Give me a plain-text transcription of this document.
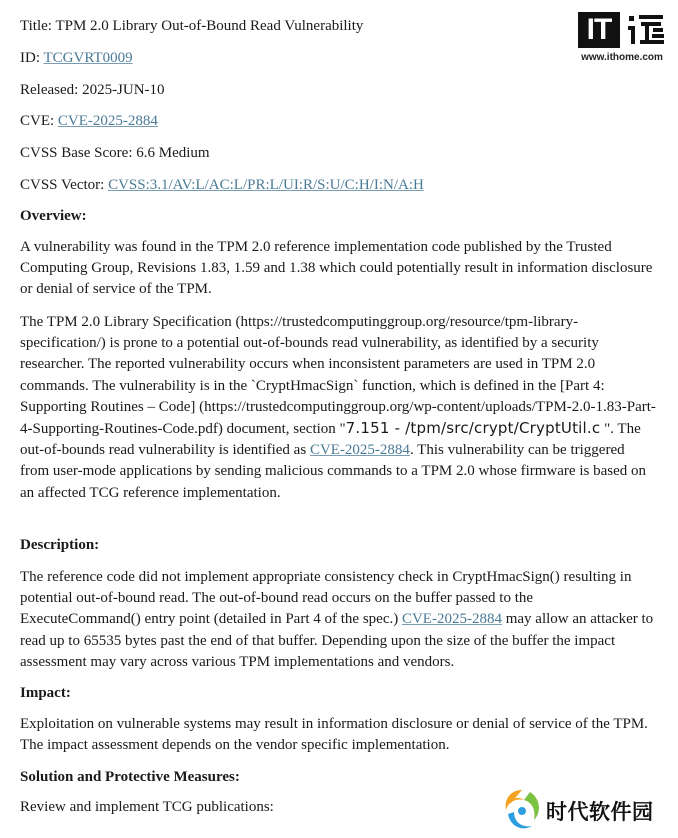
Title: TPM 2.0 Library Out-of-Bound Read Vulnerability
ID: TCGVRT0009
Released: 2025-JUN-10
CVE: CVE-2025-2884
CVSS Base Score: 6.6 Medium
CVSS Vector: CVSS:3.1/AV:L/AC:L/PR:L/UI:R/S:U/C:H/I:N/A:H
Overview:
A vulnerability was found in the TPM 2.0 reference implementation code published by the Trusted Computing Group, Revisions 1.83, 1.59 and 1.38 which could potentially result in information disclosure or denial of service of the TPM.
The TPM 2.0 Library Specification (https://trustedcomputinggroup.org/resource/tpm-library-specification/) is prone to a potential out-of-bounds read vulnerability, as identified by a security researcher. The reported vulnerability occurs when inconsistent parameters are used in TPM 2.0 commands. The vulnerability is in the `CryptHmacSign` function, which is defined in the [Part 4: Supporting Routines – Code] (https://trustedcomputinggroup.org/wp-content/uploads/TPM-2.0-1.83-Part-4-Supporting-Routines-Code.pdf) document, section "7.151 - /tpm/src/crypt/CryptUtil.c ". The out-of-bounds read vulnerability is identified as CVE-2025-2884. This vulnerability can be triggered from user-mode applications by sending malicious commands to a TPM 2.0 whose firmware is based on an affected TCG reference implementation.
Description:
The reference code did not implement appropriate consistency check in CryptHmacSign() resulting in potential out-of-bound read. The out-of-bound read occurs on the buffer passed to the ExecuteCommand() entry point (detailed in Part 4 of the spec.) CVE-2025-2884 may allow an attacker to read up to 65535 bytes past the end of that buffer. Depending upon the size of the buffer the impact assessment may vary across various TPM implementations and vendors.
Impact:
Exploitation on vulnerable systems may result in information disclosure or denial of service of the TPM. The impact assessment depends on the vendor specific implementation.
Solution and Protective Measures:
Review and implement TCG publications:
IT
www.ithome.com
时代软件园
